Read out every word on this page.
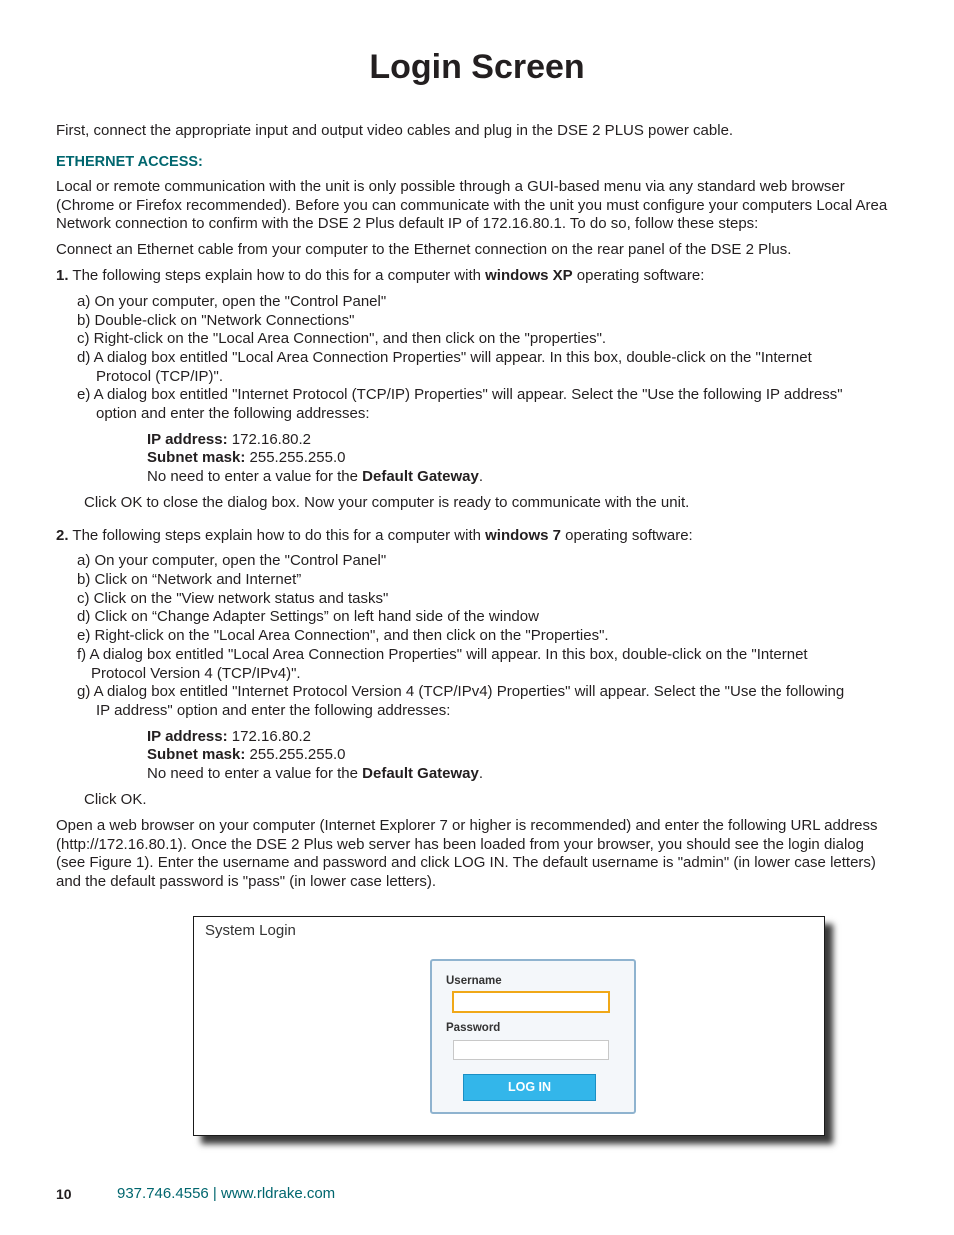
Login Screen

First, connect the appropriate input and output video cables and plug in the DSE 2 PLUS power cable.

ETHERNET ACCESS:

Local or remote communication with the unit is only possible through a GUI-based menu via any standard web browser (Chrome or Firefox recommended). Before you can communicate with the unit you must configure your computers Local Area Network connection to confirm with the DSE 2 Plus default IP of 172.16.80.1. To do so, follow these steps:

Connect an Ethernet cable from your computer to the Ethernet connection on the rear panel of the DSE 2 Plus.

1. The following steps explain how to do this for a computer with windows XP operating software:

a) On your computer, open the "Control Panel"
b) Double-click on "Network Connections"
c) Right-click on the "Local Area Connection", and then click on the "properties".
d) A dialog box entitled "Local Area Connection Properties" will appear. In this box, double-click on the "Internet
Protocol (TCP/IP)".
e) A dialog box entitled "Internet Protocol (TCP/IP) Properties" will appear. Select the "Use the following IP address"
option and enter the following addresses:
IP address: 172.16.80.2
Subnet mask: 255.255.255.0
No need to enter a value for the Default Gateway.

Click OK to close the dialog box. Now your computer is ready to communicate with the unit.

2. The following steps explain how to do this for a computer with windows 7 operating software:

a) On your computer, open the "Control Panel"
b) Click on “Network and Internet”
c) Click on the "View network status and tasks"
d) Click on “Change Adapter Settings” on left hand side of the window
e) Right-click on the "Local Area Connection", and then click on the "Properties".
f) A dialog box entitled "Local Area Connection Properties" will appear. In this box, double-click on the "Internet
Protocol Version 4 (TCP/IPv4)".
g) A dialog box entitled "Internet Protocol Version 4 (TCP/IPv4) Properties" will appear. Select the "Use the following
IP address" option and enter the following addresses:
IP address: 172.16.80.2
Subnet mask: 255.255.255.0
No need to enter a value for the Default Gateway.

Click OK.

Open a web browser on your computer (Internet Explorer 7 or higher is recommended) and enter the following URL address (http://172.16.80.1). Once the DSE 2 Plus web server has been loaded from your browser, you should see the login dialog (see Figure 1). Enter the username and password and click LOG IN. The default username is "admin" (in lower case letters) and the default password is "pass" (in lower case letters).

System Login
Username
Password
LOG IN
10	937.746.4556 | www.rldrake.com
